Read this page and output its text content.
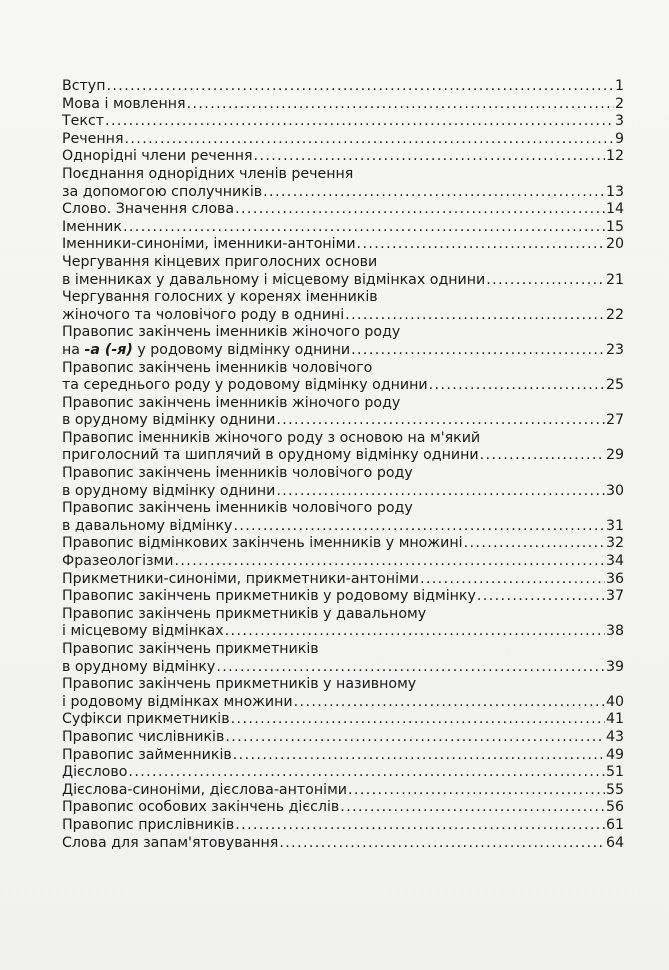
Вступ .....	1
Мова і мовлення .....	2
Текст .....	3
Речення .....	9
Однорідні члени речення .....	12
Поєднання однорідних членів речення
за допомогою сполучників .....	13
Слово. Значення слова .....	14
Іменник .....	15
Іменники-синоніми, іменники-антоніми .....	20
Чергування кінцевих приголосних основи
в іменниках у давальному і місцевому відмінках однини .....	21
Чергування голосних у коренях іменників
жіночого та чоловічого роду в однині .....	22
Правопис закінчень іменників жіночого роду
на -а (-я) у родовому відмінку однини .....	23
Правопис закінчень іменників чоловічого
та середнього роду у родовому відмінку однини .....	25
Правопис закінчень іменників жіночого роду
в орудному відмінку однини .....	27
Правопис іменників жіночого роду з основою на м'який
приголосний та шиплячий в орудному відмінку однини .....	29
Правопис закінчень іменників чоловічого роду
в орудному відмінку однини .....	30
Правопис закінчень іменників чоловічого роду
в давальному відмінку .....	31
Правопис відмінкових закінчень іменників у множині .....	32
Фразеологізми .....	34
Прикметники-синоніми, прикметники-антоніми .....	36
Правопис закінчень прикметників у родовому відмінку .....	37
Правопис закінчень прикметників у давальному
і місцевому відмінках .....	38
Правопис закінчень прикметників
в орудному відмінку .....	39
Правопис закінчень прикметників у називному
і родовому відмінках множини .....	40
Суфікси прикметників .....	41
Правопис числівників .....	43
Правопис займенників .....	49
Дієслово .....	51
Дієслова-синоніми, дієслова-антоніми .....	55
Правопис особових закінчень дієслів .....	56
Правопис прислівників .....	61
Слова для запам'ятовування .....	64
